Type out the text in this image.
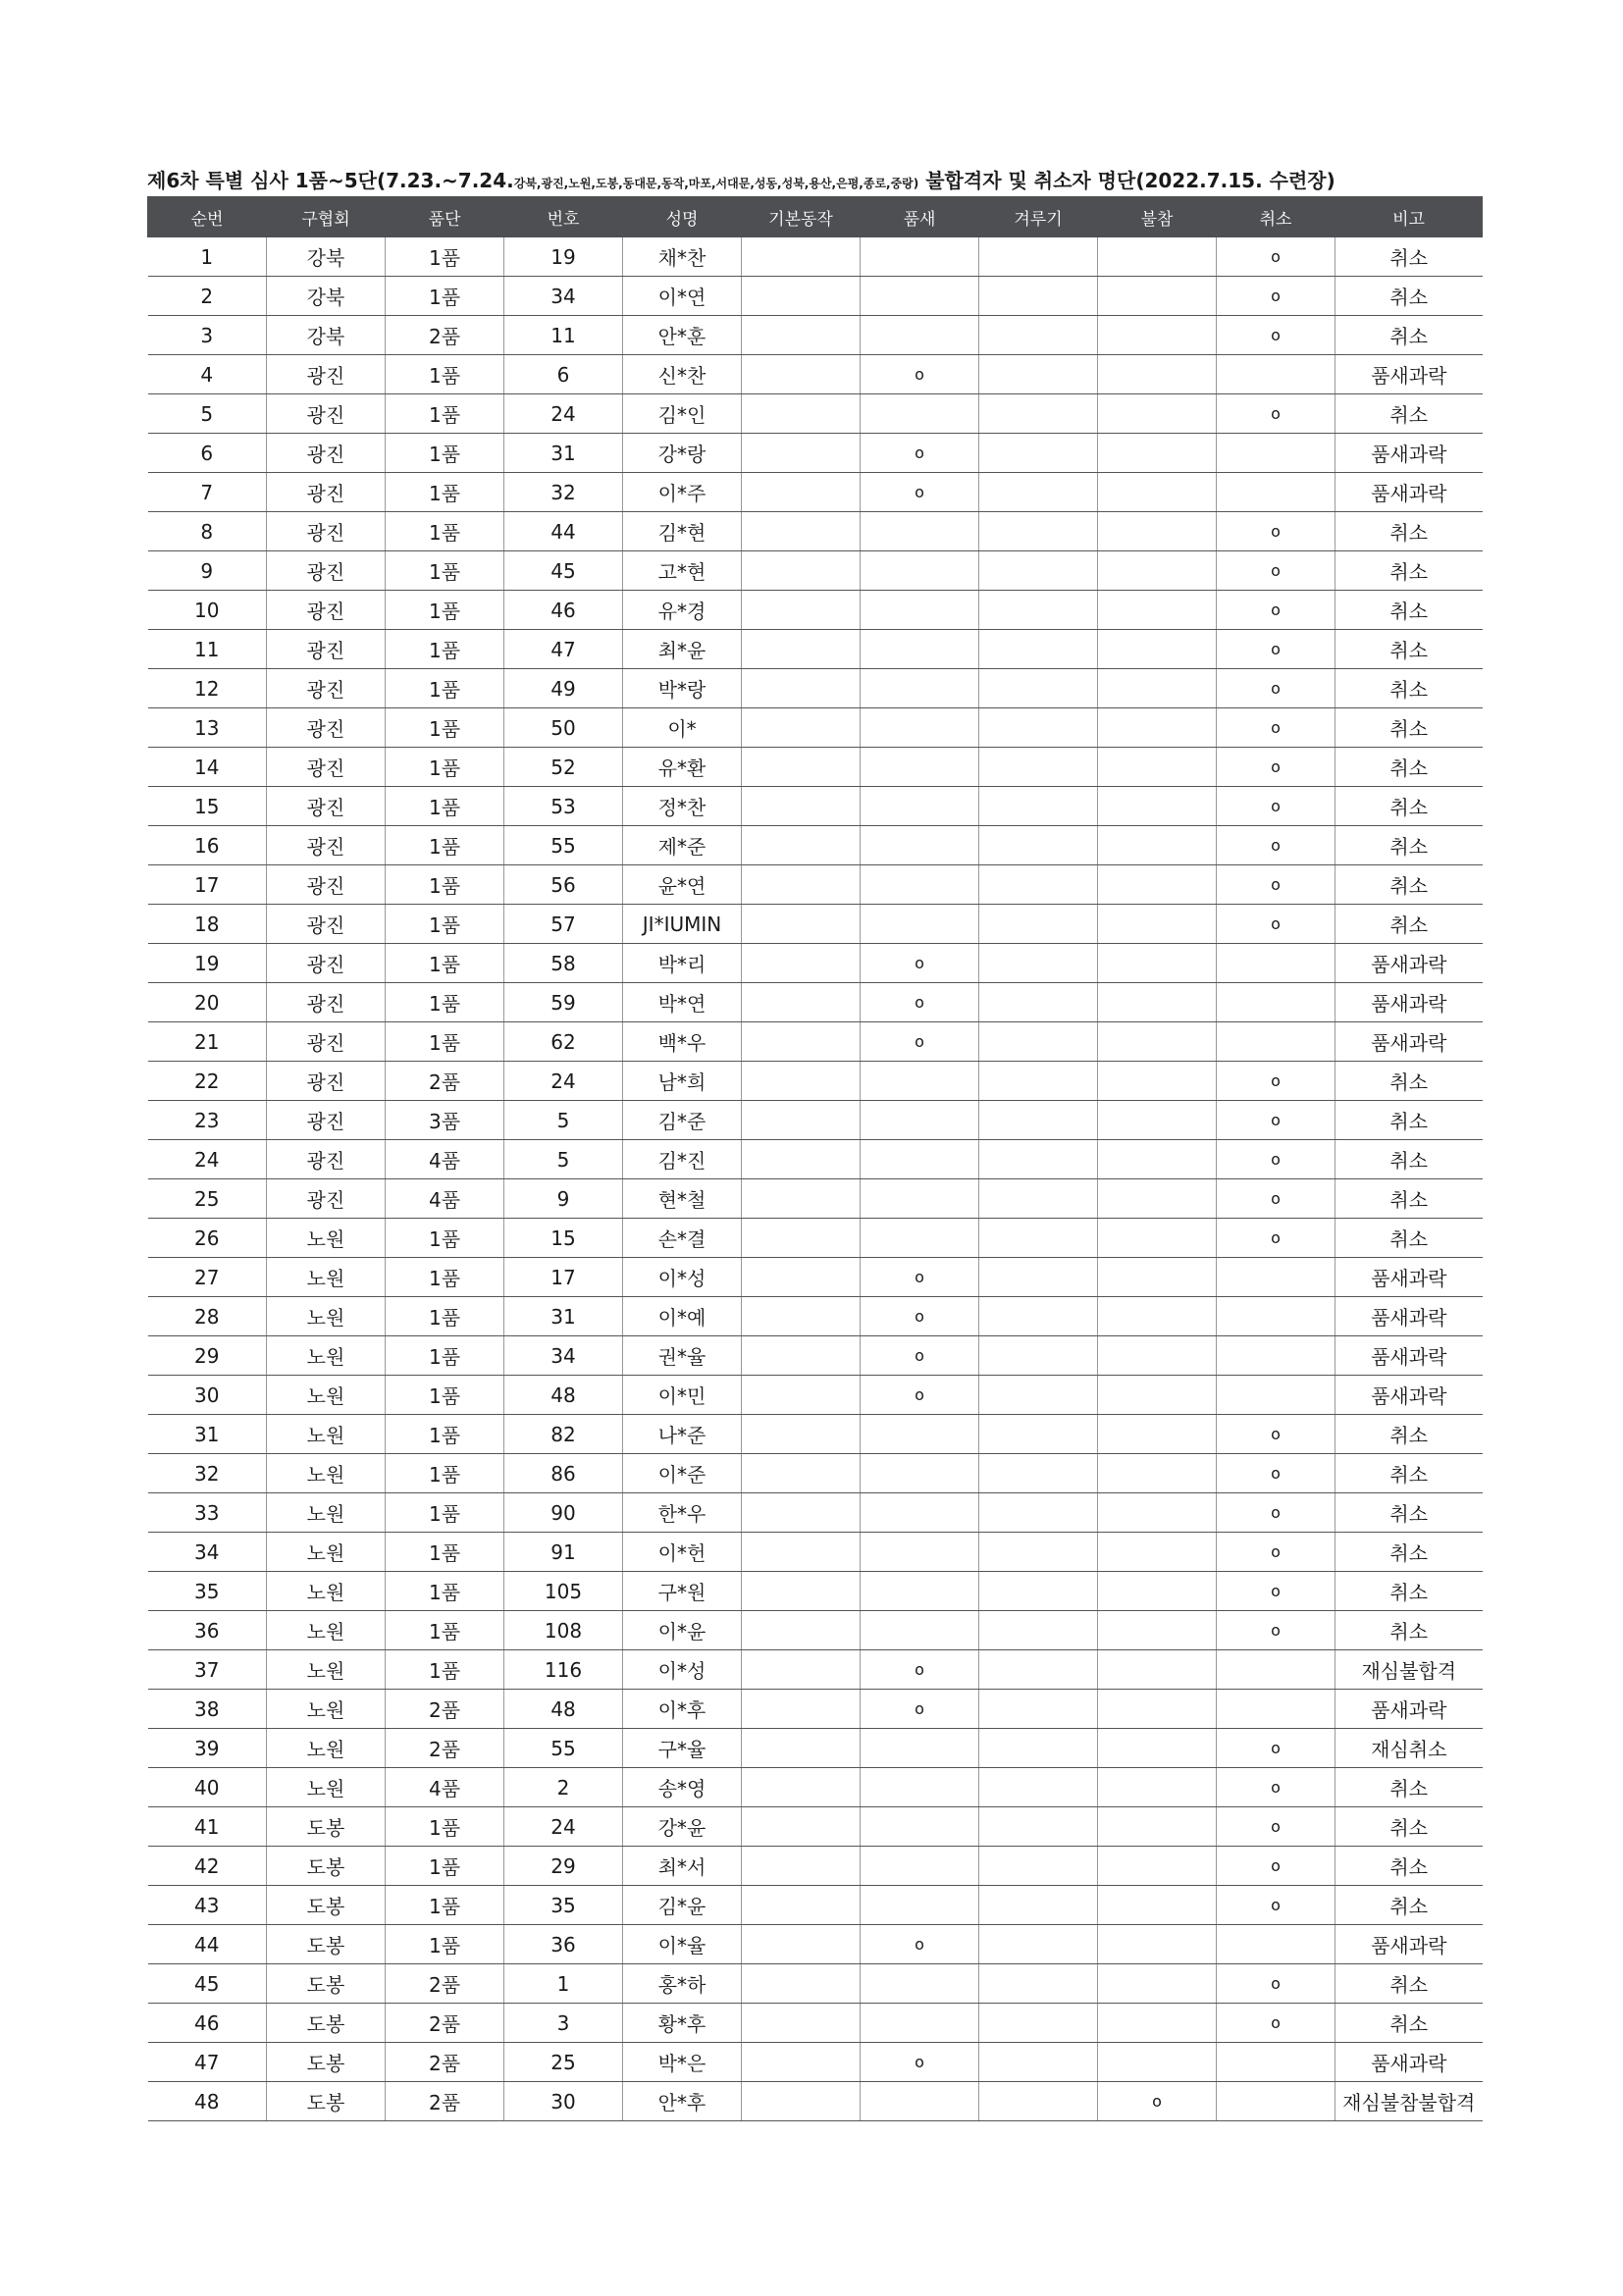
제6차 특별 심사 1품~5단(7.23.~7.24.강북,광진,노원,도봉,동대문,동작,마포,서대문,성동,성북,용산,은평,종로,중랑) 불합격자 및 취소자 명단(2022.7.15. 수련장)
순번	구협회	품단	번호	성명	기본동작	품새	겨루기	불참	취소	비고
1	강북	1품	19	채*찬					o	취소
2	강북	1품	34	이*연					o	취소
3	강북	2품	11	안*훈					o	취소
4	광진	1품	6	신*찬		o				품새과락
5	광진	1품	24	김*인					o	취소
6	광진	1품	31	강*랑		o				품새과락
7	광진	1품	32	이*주		o				품새과락
8	광진	1품	44	김*현					o	취소
9	광진	1품	45	고*현					o	취소
10	광진	1품	46	유*경					o	취소
11	광진	1품	47	최*윤					o	취소
12	광진	1품	49	박*랑					o	취소
13	광진	1품	50	이*					o	취소
14	광진	1품	52	유*환					o	취소
15	광진	1품	53	정*찬					o	취소
16	광진	1품	55	제*준					o	취소
17	광진	1품	56	윤*연					o	취소
18	광진	1품	57	JI*IUMIN					o	취소
19	광진	1품	58	박*리		o				품새과락
20	광진	1품	59	박*연		o				품새과락
21	광진	1품	62	백*우		o				품새과락
22	광진	2품	24	남*희					o	취소
23	광진	3품	5	김*준					o	취소
24	광진	4품	5	김*진					o	취소
25	광진	4품	9	현*철					o	취소
26	노원	1품	15	손*결					o	취소
27	노원	1품	17	이*성		o				품새과락
28	노원	1품	31	이*예		o				품새과락
29	노원	1품	34	권*율		o				품새과락
30	노원	1품	48	이*민		o				품새과락
31	노원	1품	82	나*준					o	취소
32	노원	1품	86	이*준					o	취소
33	노원	1품	90	한*우					o	취소
34	노원	1품	91	이*헌					o	취소
35	노원	1품	105	구*원					o	취소
36	노원	1품	108	이*윤					o	취소
37	노원	1품	116	이*성		o				재심불합격
38	노원	2품	48	이*후		o				품새과락
39	노원	2품	55	구*율					o	재심취소
40	노원	4품	2	송*영					o	취소
41	도봉	1품	24	강*윤					o	취소
42	도봉	1품	29	최*서					o	취소
43	도봉	1품	35	김*윤					o	취소
44	도봉	1품	36	이*율		o				품새과락
45	도봉	2품	1	홍*하					o	취소
46	도봉	2품	3	황*후					o	취소
47	도봉	2품	25	박*은		o				품새과락
48	도봉	2품	30	안*후				o		재심불참불합격
